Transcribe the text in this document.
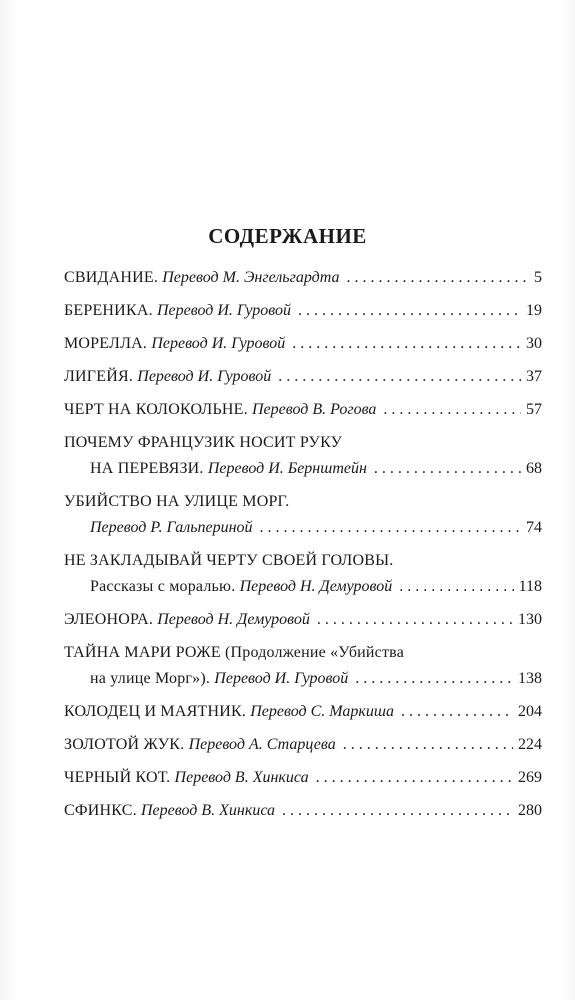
СОДЕРЖАНИЕ
СВИДАНИЕ. Перевод М. Энгельгардта . . .	5
БЕРЕНИКА. Перевод И. Гуровой . . .	19
МОРЕЛЛА. Перевод И. Гуровой . . .	30
ЛИГЕЙЯ. Перевод И. Гуровой . . .	37
ЧЕРТ НА КОЛОКОЛЬНЕ. Перевод В. Рогова . . .	57
ПОЧЕМУ ФРАНЦУЗИК НОСИТ РУКУ
НА ПЕРЕВЯЗИ. Перевод И. Бернштейн . . .	68
УБИЙСТВО НА УЛИЦЕ МОРГ.
Перевод Р. Гальпериной . . .	74
НЕ ЗАКЛАДЫВАЙ ЧЕРТУ СВОЕЙ ГОЛОВЫ.
Рассказы с моралью. Перевод Н. Демуровой . . .	118
ЭЛЕОНОРА. Перевод Н. Демуровой . . .	130
ТАЙНА МАРИ РОЖЕ (Продолжение «Убийства
на улице Морг»). Перевод И. Гуровой . . .	138
КОЛОДЕЦ И МАЯТНИК. Перевод С. Маркиша . . .	204
ЗОЛОТОЙ ЖУК. Перевод А. Старцева . . .	224
ЧЕРНЫЙ КОТ. Перевод В. Хинкиса . . .	269
СФИНКС. Перевод В. Хинкиса . . .	280
